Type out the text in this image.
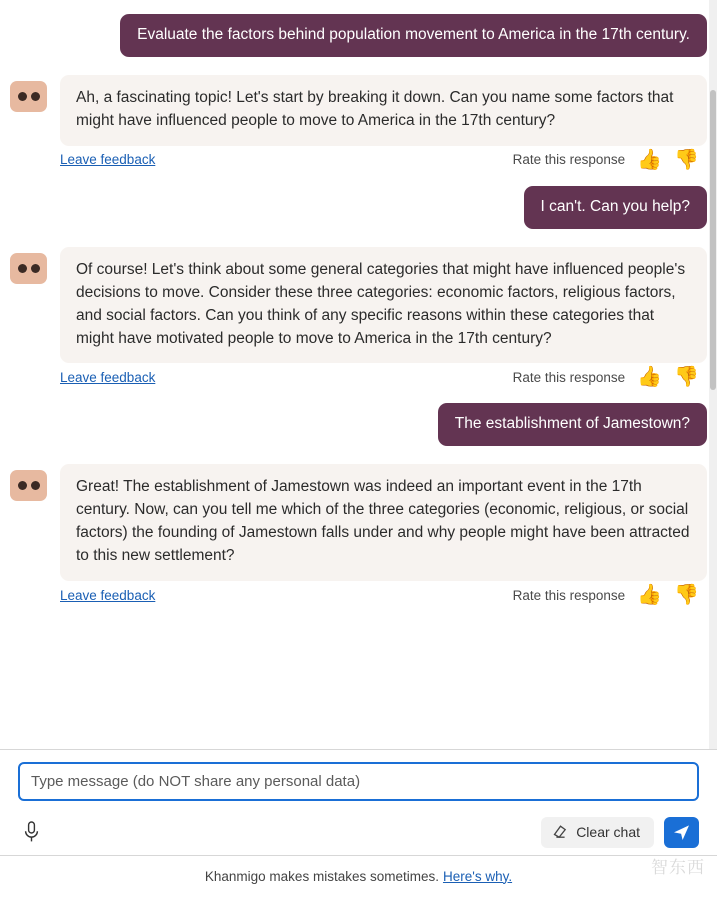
Evaluate the factors behind population movement to America in the 17th century.
Ah, a fascinating topic! Let's start by breaking it down. Can you name some factors that might have influenced people to move to America in the 17th century?
Leave feedback	Rate this response 👍 👎
I can't. Can you help?
Of course! Let's think about some general categories that might have influenced people's decisions to move. Consider these three categories: economic factors, religious factors, and social factors. Can you think of any specific reasons within these categories that might have motivated people to move to America in the 17th century?
Leave feedback	Rate this response 👍 👎
The establishment of Jamestown?
Great! The establishment of Jamestown was indeed an important event in the 17th century. Now, can you tell me which of the three categories (economic, religious, or social factors) the founding of Jamestown falls under and why people might have been attracted to this new settlement?
Leave feedback	Rate this response 👍 👎
Type message (do NOT share any personal data)
Clear chat
Khanmigo makes mistakes sometimes. Here's why.	智东西
